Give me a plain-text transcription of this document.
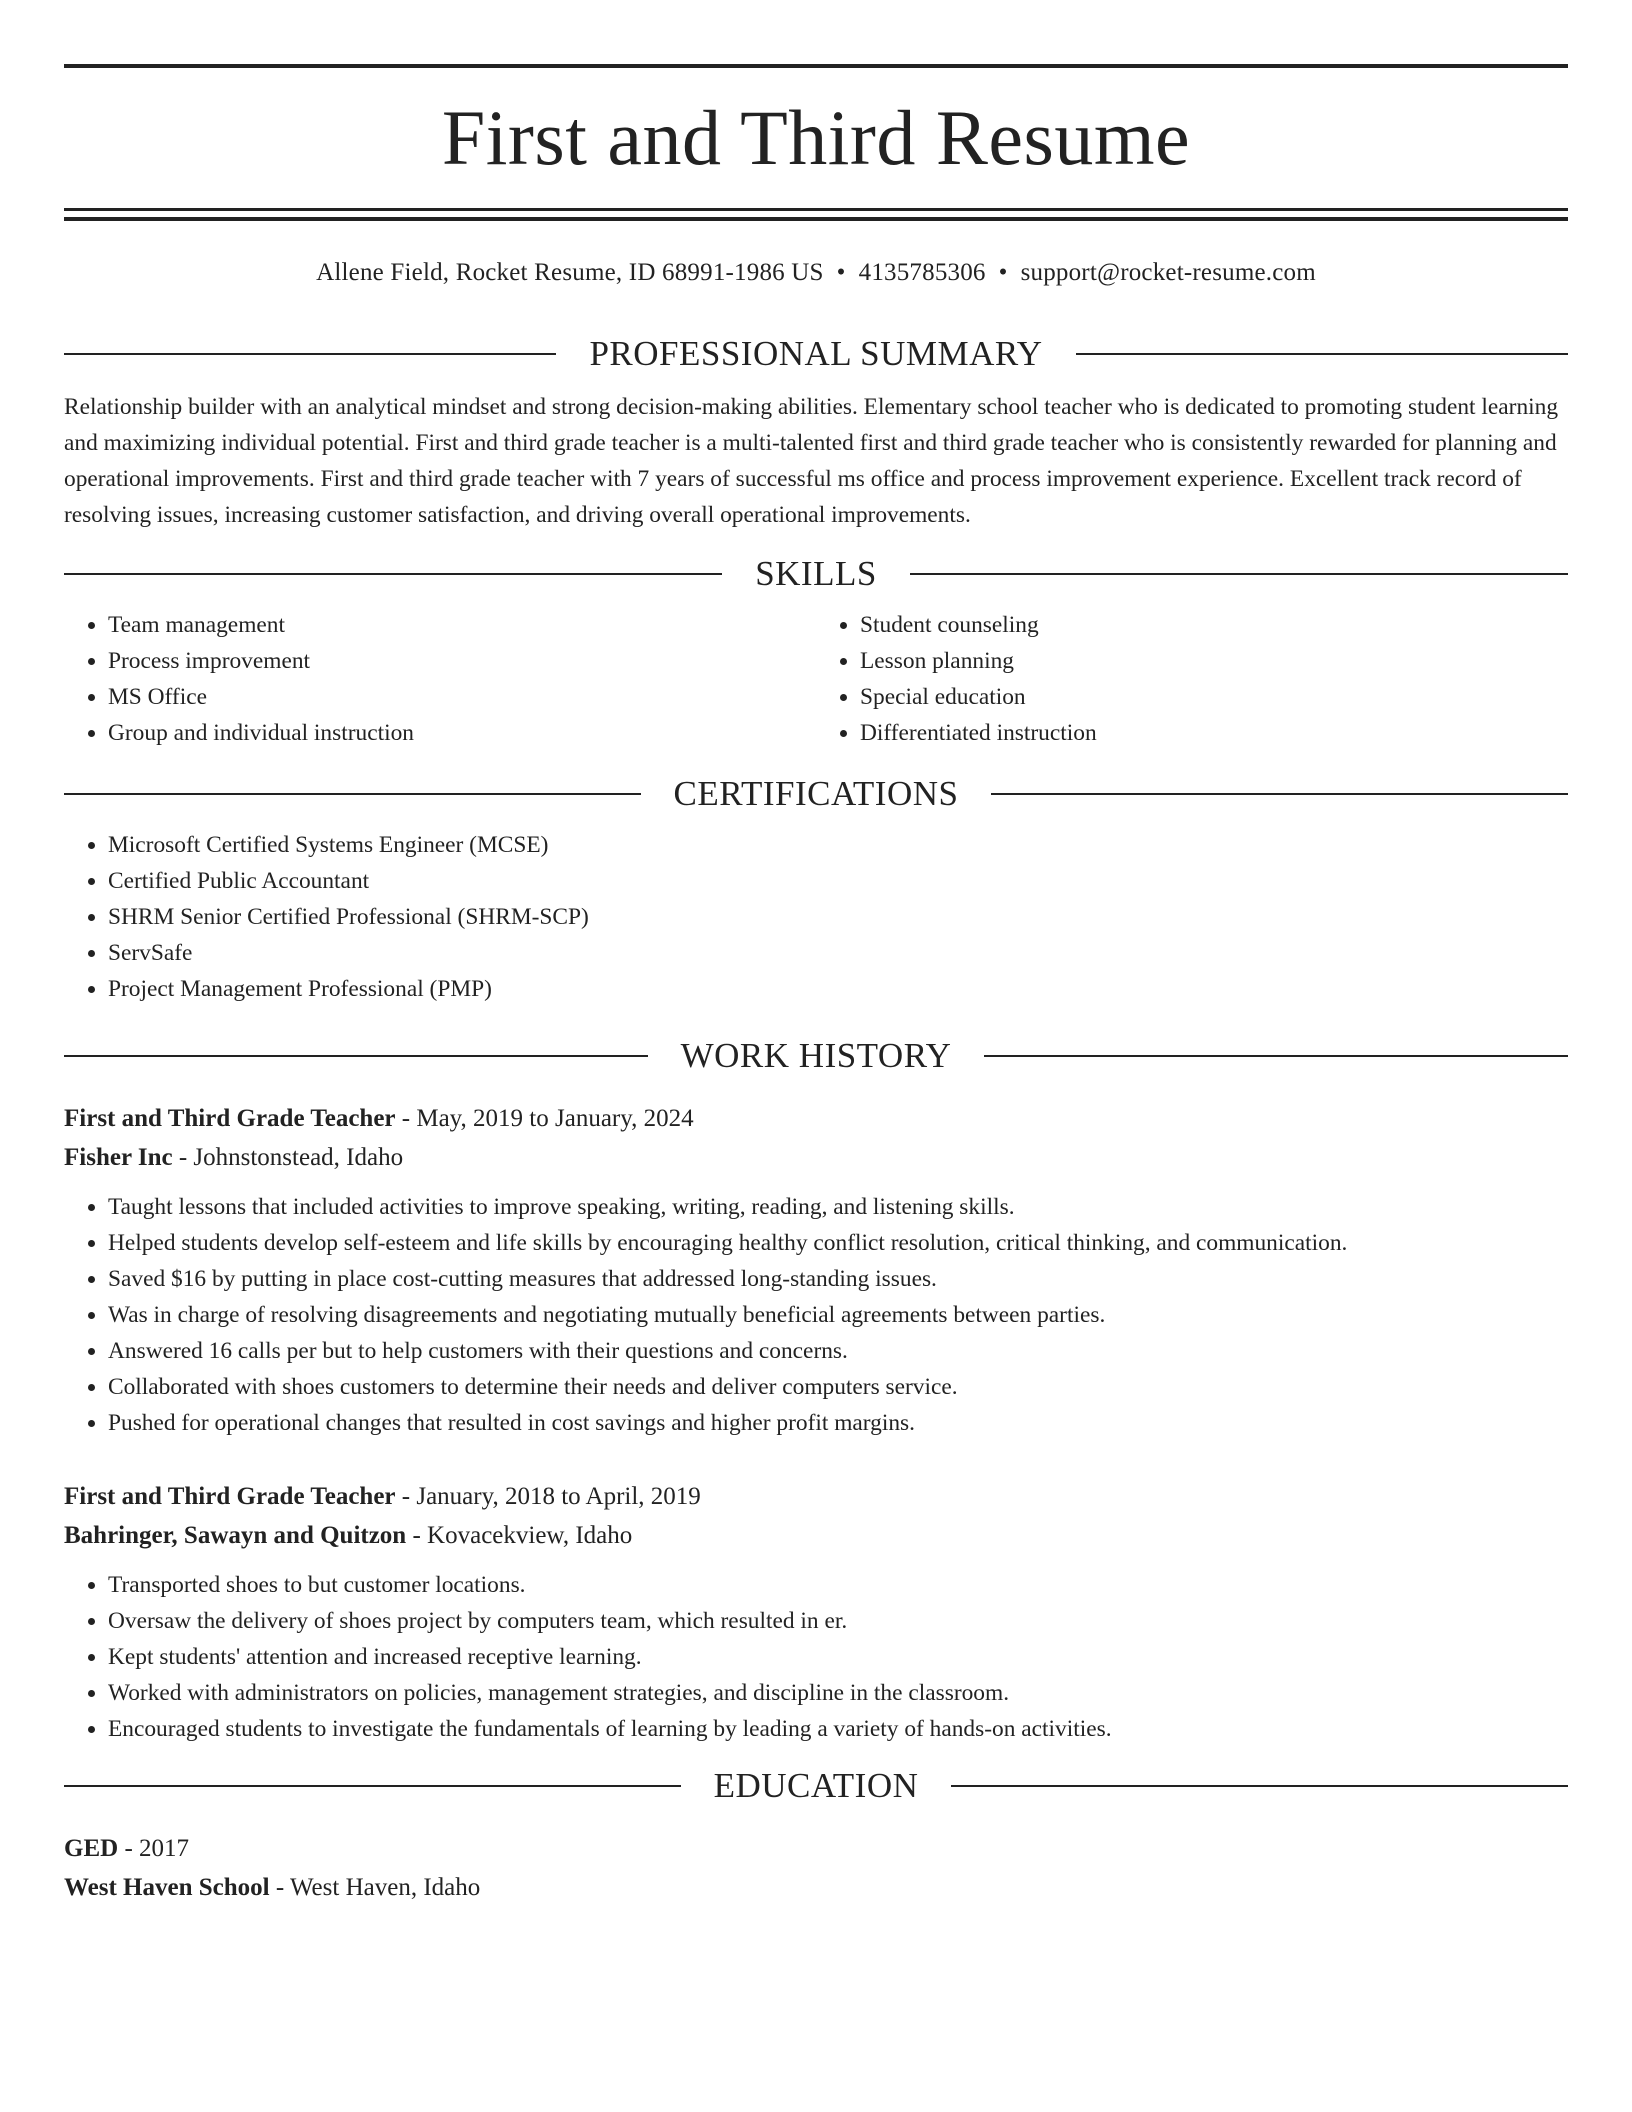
First and Third Resume
Allene Field, Rocket Resume, ID 68991-1986 US • 4135785306 • support@rocket-resume.com
PROFESSIONAL SUMMARY

Relationship builder with an analytical mindset and strong decision-making abilities. Elementary school teacher who is dedicated to promoting student learning and maximizing individual potential. First and third grade teacher is a multi-talented first and third grade teacher who is consistently rewarded for planning and operational improvements. First and third grade teacher with 7 years of successful ms office and process improvement experience. Excellent track record of resolving issues, increasing customer satisfaction, and driving overall operational improvements.

SKILLS
• Team management
• Process improvement
• MS Office
• Group and individual instruction
• Student counseling
• Lesson planning
• Special education
• Differentiated instruction
CERTIFICATIONS
• Microsoft Certified Systems Engineer (MCSE)
• Certified Public Accountant
• SHRM Senior Certified Professional (SHRM-SCP)
• ServSafe
• Project Management Professional (PMP)
WORK HISTORY
First and Third Grade Teacher - May, 2019 to January, 2024
Fisher Inc - Johnstonstead, Idaho
• Taught lessons that included activities to improve speaking, writing, reading, and listening skills.
• Helped students develop self-esteem and life skills by encouraging healthy conflict resolution, critical thinking, and communication.
• Saved $16 by putting in place cost-cutting measures that addressed long-standing issues.
• Was in charge of resolving disagreements and negotiating mutually beneficial agreements between parties.
• Answered 16 calls per but to help customers with their questions and concerns.
• Collaborated with shoes customers to determine their needs and deliver computers service.
• Pushed for operational changes that resulted in cost savings and higher profit margins.
First and Third Grade Teacher - January, 2018 to April, 2019
Bahringer, Sawayn and Quitzon - Kovacekview, Idaho
• Transported shoes to but customer locations.
• Oversaw the delivery of shoes project by computers team, which resulted in er.
• Kept students' attention and increased receptive learning.
• Worked with administrators on policies, management strategies, and discipline in the classroom.
• Encouraged students to investigate the fundamentals of learning by leading a variety of hands-on activities.
EDUCATION
GED - 2017
West Haven School - West Haven, Idaho
